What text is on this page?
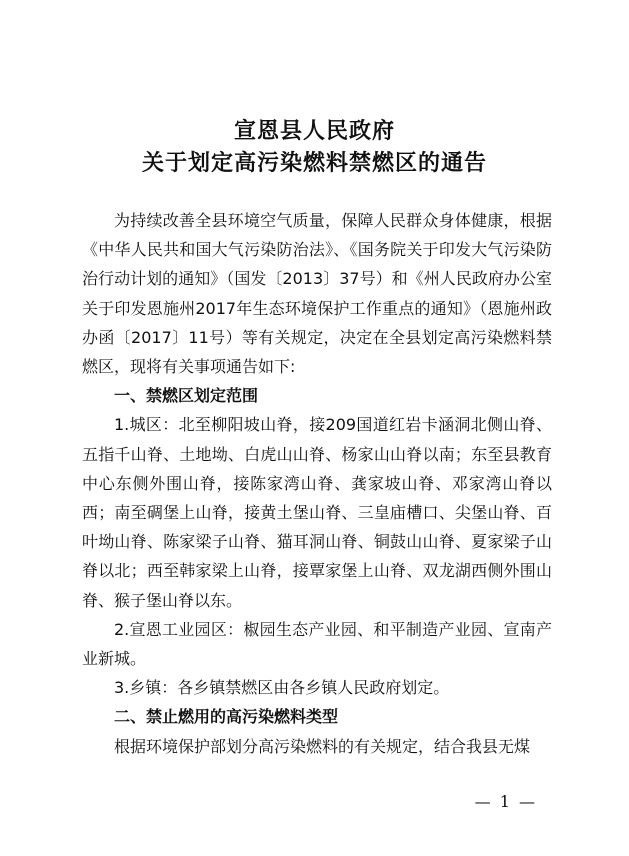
宣恩县人民政府
关于划定高污染燃料禁燃区的通告

为持续改善全县环境空气质量，保障人民群众身体健康，根据《中华人民共和国大气污染防治法》、《国务院关于印发大气污染防治行动计划的通知》（国发〔2013〕37号）和《州人民政府办公室关于印发恩施州2017年生态环境保护工作重点的通知》（恩施州政办函〔2017〕11号）等有关规定，决定在全县划定高污染燃料禁燃区，现将有关事项通告如下:

一、禁燃区划定范围

1.城区：北至柳阳坡山脊，接209国道红岩卡涵洞北侧山脊、五指千山脊、土地坳、白虎山山脊、杨家山山脊以南；东至县教育中心东侧外围山脊，接陈家湾山脊、龚家坡山脊、邓家湾山脊以西；南至碉堡上山脊，接黄土堡山脊、三皇庙槽口、尖堡山脊、百叶坳山脊、陈家梁子山脊、猫耳洞山脊、铜鼓山山脊、夏家梁子山脊以北；西至韩家梁上山脊，接覃家堡上山脊、双龙湖西侧外围山脊、猴子堡山脊以东。

2.宣恩工业园区：椒园生态产业园、和平制造产业园、宣南产业新城。

3.乡镇：各乡镇禁燃区由各乡镇人民政府划定。

二、禁止燃用的高污染燃料类型

根据环境保护部划分高污染燃料的有关规定，结合我县无煤

— 1 —
